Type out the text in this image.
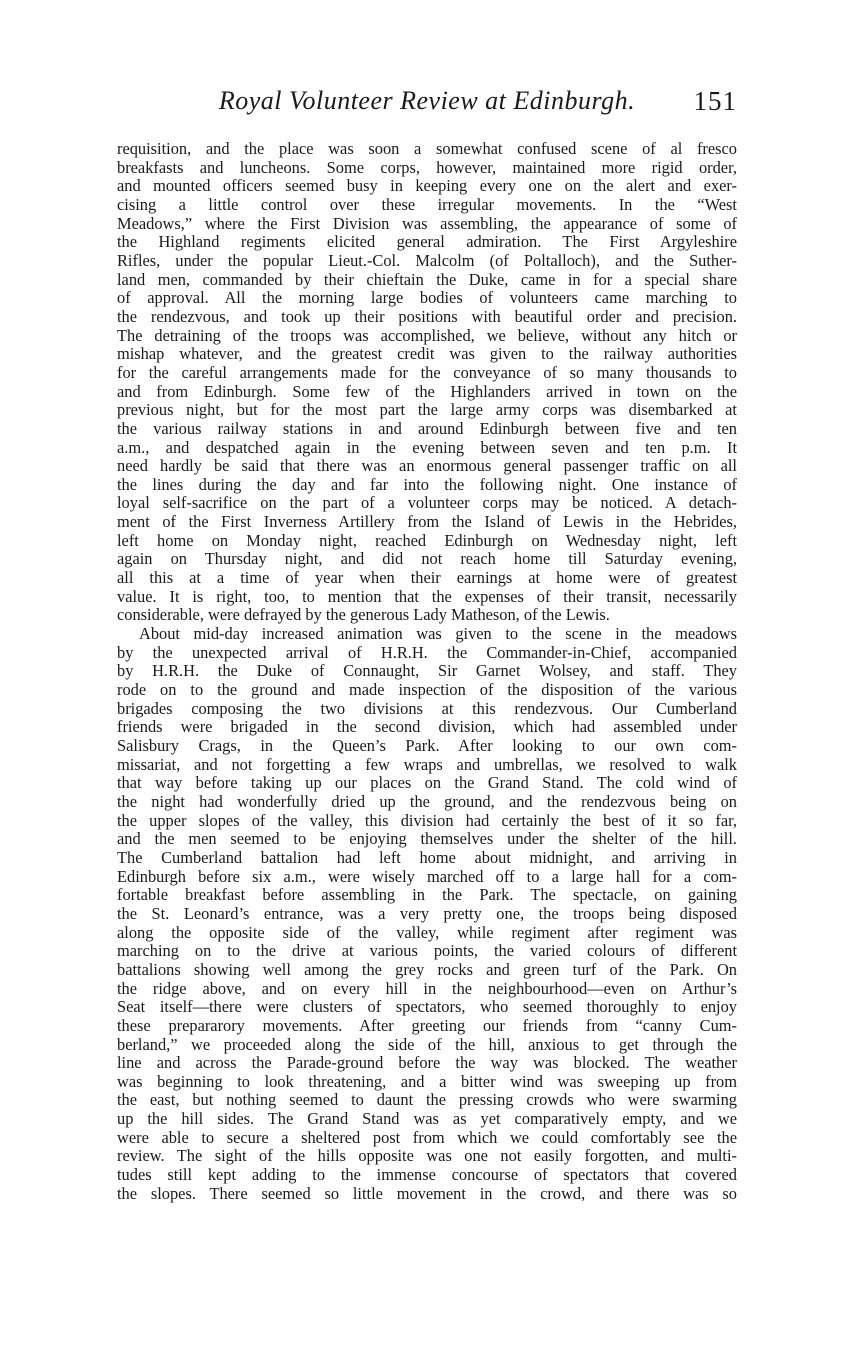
Royal Volunteer Review at Edinburgh.	151
requisition, and the place was soon a somewhat confused scene of al fresco
breakfasts and luncheons. Some corps, however, maintained more rigid order,
and mounted officers seemed busy in keeping every one on the alert and exer-
cising a little control over these irregular movements. In the “West
Meadows,” where the First Division was assembling, the appearance of some of
the Highland regiments elicited general admiration. The First Argyleshire
Rifles, under the popular Lieut.-Col. Malcolm (of Poltalloch), and the Suther-
land men, commanded by their chieftain the Duke, came in for a special share
of approval. All the morning large bodies of volunteers came marching to
the rendezvous, and took up their positions with beautiful order and precision.
The detraining of the troops was accomplished, we believe, without any hitch or
mishap whatever, and the greatest credit was given to the railway authorities
for the careful arrangements made for the conveyance of so many thousands to
and from Edinburgh. Some few of the Highlanders arrived in town on the
previous night, but for the most part the large army corps was disembarked at
the various railway stations in and around Edinburgh between five and ten
a.m., and despatched again in the evening between seven and ten p.m. It
need hardly be said that there was an enormous general passenger traffic on all
the lines during the day and far into the following night. One instance of
loyal self-sacrifice on the part of a volunteer corps may be noticed. A detach-
ment of the First Inverness Artillery from the Island of Lewis in the Hebrides,
left home on Monday night, reached Edinburgh on Wednesday night, left
again on Thursday night, and did not reach home till Saturday evening,
all this at a time of year when their earnings at home were of greatest
value. It is right, too, to mention that the expenses of their transit, necessarily
considerable, were defrayed by the generous Lady Matheson, of the Lewis.
About mid-day increased animation was given to the scene in the meadows
by the unexpected arrival of H.R.H. the Commander-in-Chief, accompanied
by H.R.H. the Duke of Connaught, Sir Garnet Wolsey, and staff. They
rode on to the ground and made inspection of the disposition of the various
brigades composing the two divisions at this rendezvous. Our Cumberland
friends were brigaded in the second division, which had assembled under
Salisbury Crags, in the Queen’s Park. After looking to our own com-
missariat, and not forgetting a few wraps and umbrellas, we resolved to walk
that way before taking up our places on the Grand Stand. The cold wind of
the night had wonderfully dried up the ground, and the rendezvous being on
the upper slopes of the valley, this division had certainly the best of it so far,
and the men seemed to be enjoying themselves under the shelter of the hill.
The Cumberland battalion had left home about midnight, and arriving in
Edinburgh before six a.m., were wisely marched off to a large hall for a com-
fortable breakfast before assembling in the Park. The spectacle, on gaining
the St. Leonard’s entrance, was a very pretty one, the troops being disposed
along the opposite side of the valley, while regiment after regiment was
marching on to the drive at various points, the varied colours of different
battalions showing well among the grey rocks and green turf of the Park. On
the ridge above, and on every hill in the neighbourhood—even on Arthur’s
Seat itself—there were clusters of spectators, who seemed thoroughly to enjoy
these prepararory movements. After greeting our friends from “canny Cum-
berland,” we proceeded along the side of the hill, anxious to get through the
line and across the Parade-ground before the way was blocked. The weather
was beginning to look threatening, and a bitter wind was sweeping up from
the east, but nothing seemed to daunt the pressing crowds who were swarming
up the hill sides. The Grand Stand was as yet comparatively empty, and we
were able to secure a sheltered post from which we could comfortably see the
review. The sight of the hills opposite was one not easily forgotten, and multi-
tudes still kept adding to the immense concourse of spectators that covered
the slopes. There seemed so little movement in the crowd, and there was so
